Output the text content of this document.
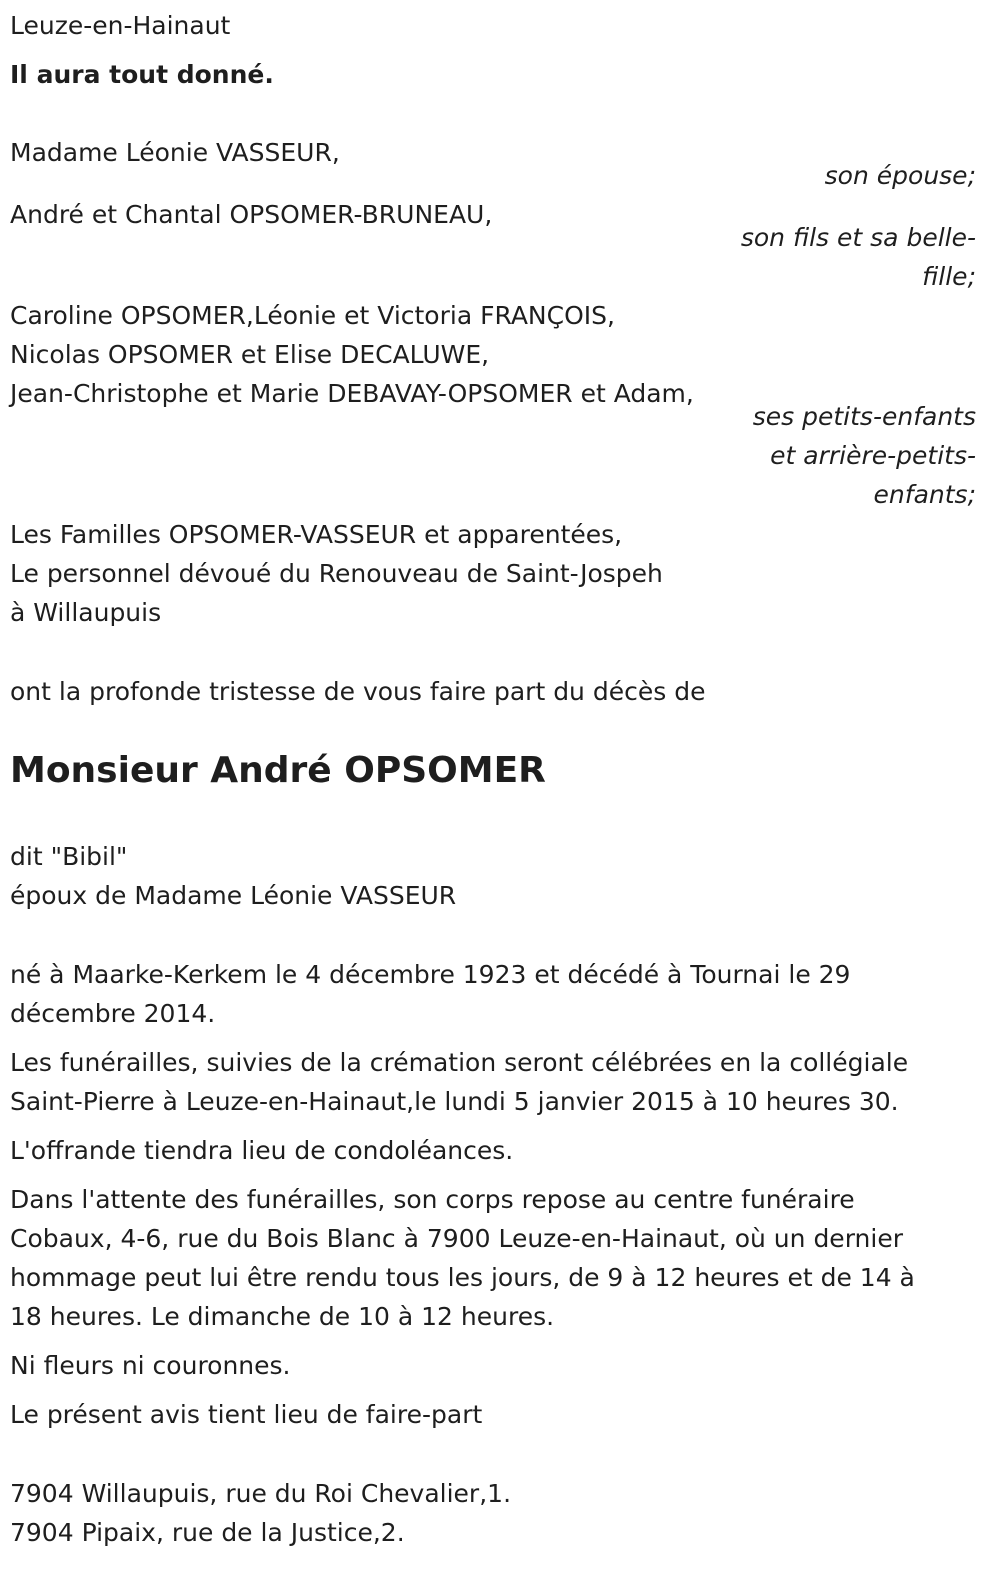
Leuze-en-Hainaut
Il aura tout donné.
Madame Léonie VASSEUR,
son épouse;
André et Chantal OPSOMER-BRUNEAU,
son fils et sa belle-
fille;
Caroline OPSOMER,Léonie et Victoria FRANÇOIS,
Nicolas OPSOMER et Elise DECALUWE,
Jean-Christophe et Marie DEBAVAY-OPSOMER et Adam,
ses petits-enfants
et arrière-petits-
enfants;
Les Familles OPSOMER-VASSEUR et apparentées,
Le personnel dévoué du Renouveau de Saint-Jospeh
à Willaupuis
ont la profonde tristesse de vous faire part du décès de
Monsieur André OPSOMER
dit "Bibil"
époux de Madame Léonie VASSEUR
né à Maarke-Kerkem le 4 décembre 1923 et décédé à Tournai le 29
décembre 2014.
Les funérailles, suivies de la crémation seront célébrées en la collégiale
Saint-Pierre à Leuze-en-Hainaut,le lundi 5 janvier 2015 à 10 heures 30.
L'offrande tiendra lieu de condoléances.
Dans l'attente des funérailles, son corps repose au centre funéraire
Cobaux, 4-6, rue du Bois Blanc à 7900 Leuze-en-Hainaut, où un dernier
hommage peut lui être rendu tous les jours, de 9 à 12 heures et de 14 à
18 heures. Le dimanche de 10 à 12 heures.
Ni fleurs ni couronnes.
Le présent avis tient lieu de faire-part
7904 Willaupuis, rue du Roi Chevalier,1.
7904 Pipaix, rue de la Justice,2.
